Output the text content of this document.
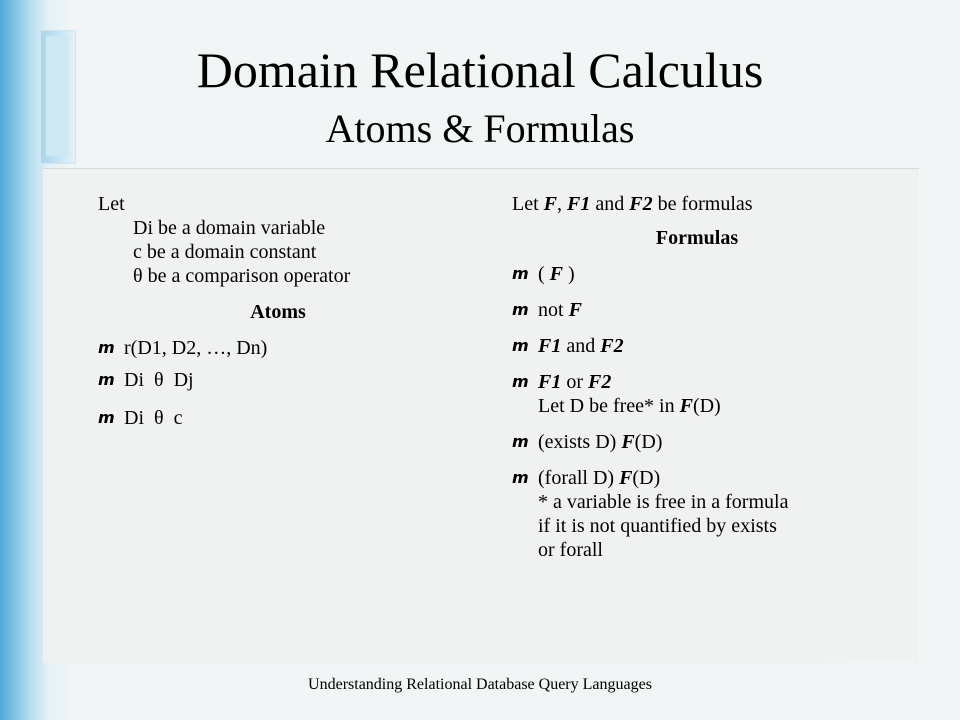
Domain Relational Calculus
Atoms & Formulas
Let
Di be a domain variable
c be a domain constant
θ be a comparison operator
Atoms
m r(D1, D2, …, Dn)
m Di  θ  Dj
m Di  θ  c
Let F, F1 and F2 be formulas
Formulas
m ( F )
m not F
m F1 and F2
m F1 or F2
Let D be free* in F(D)
m (exists D) F(D)
m (forall D) F(D)
* a variable is free in a formula
if it is not quantified by exists
or forall
Understanding Relational Database Query Languages
